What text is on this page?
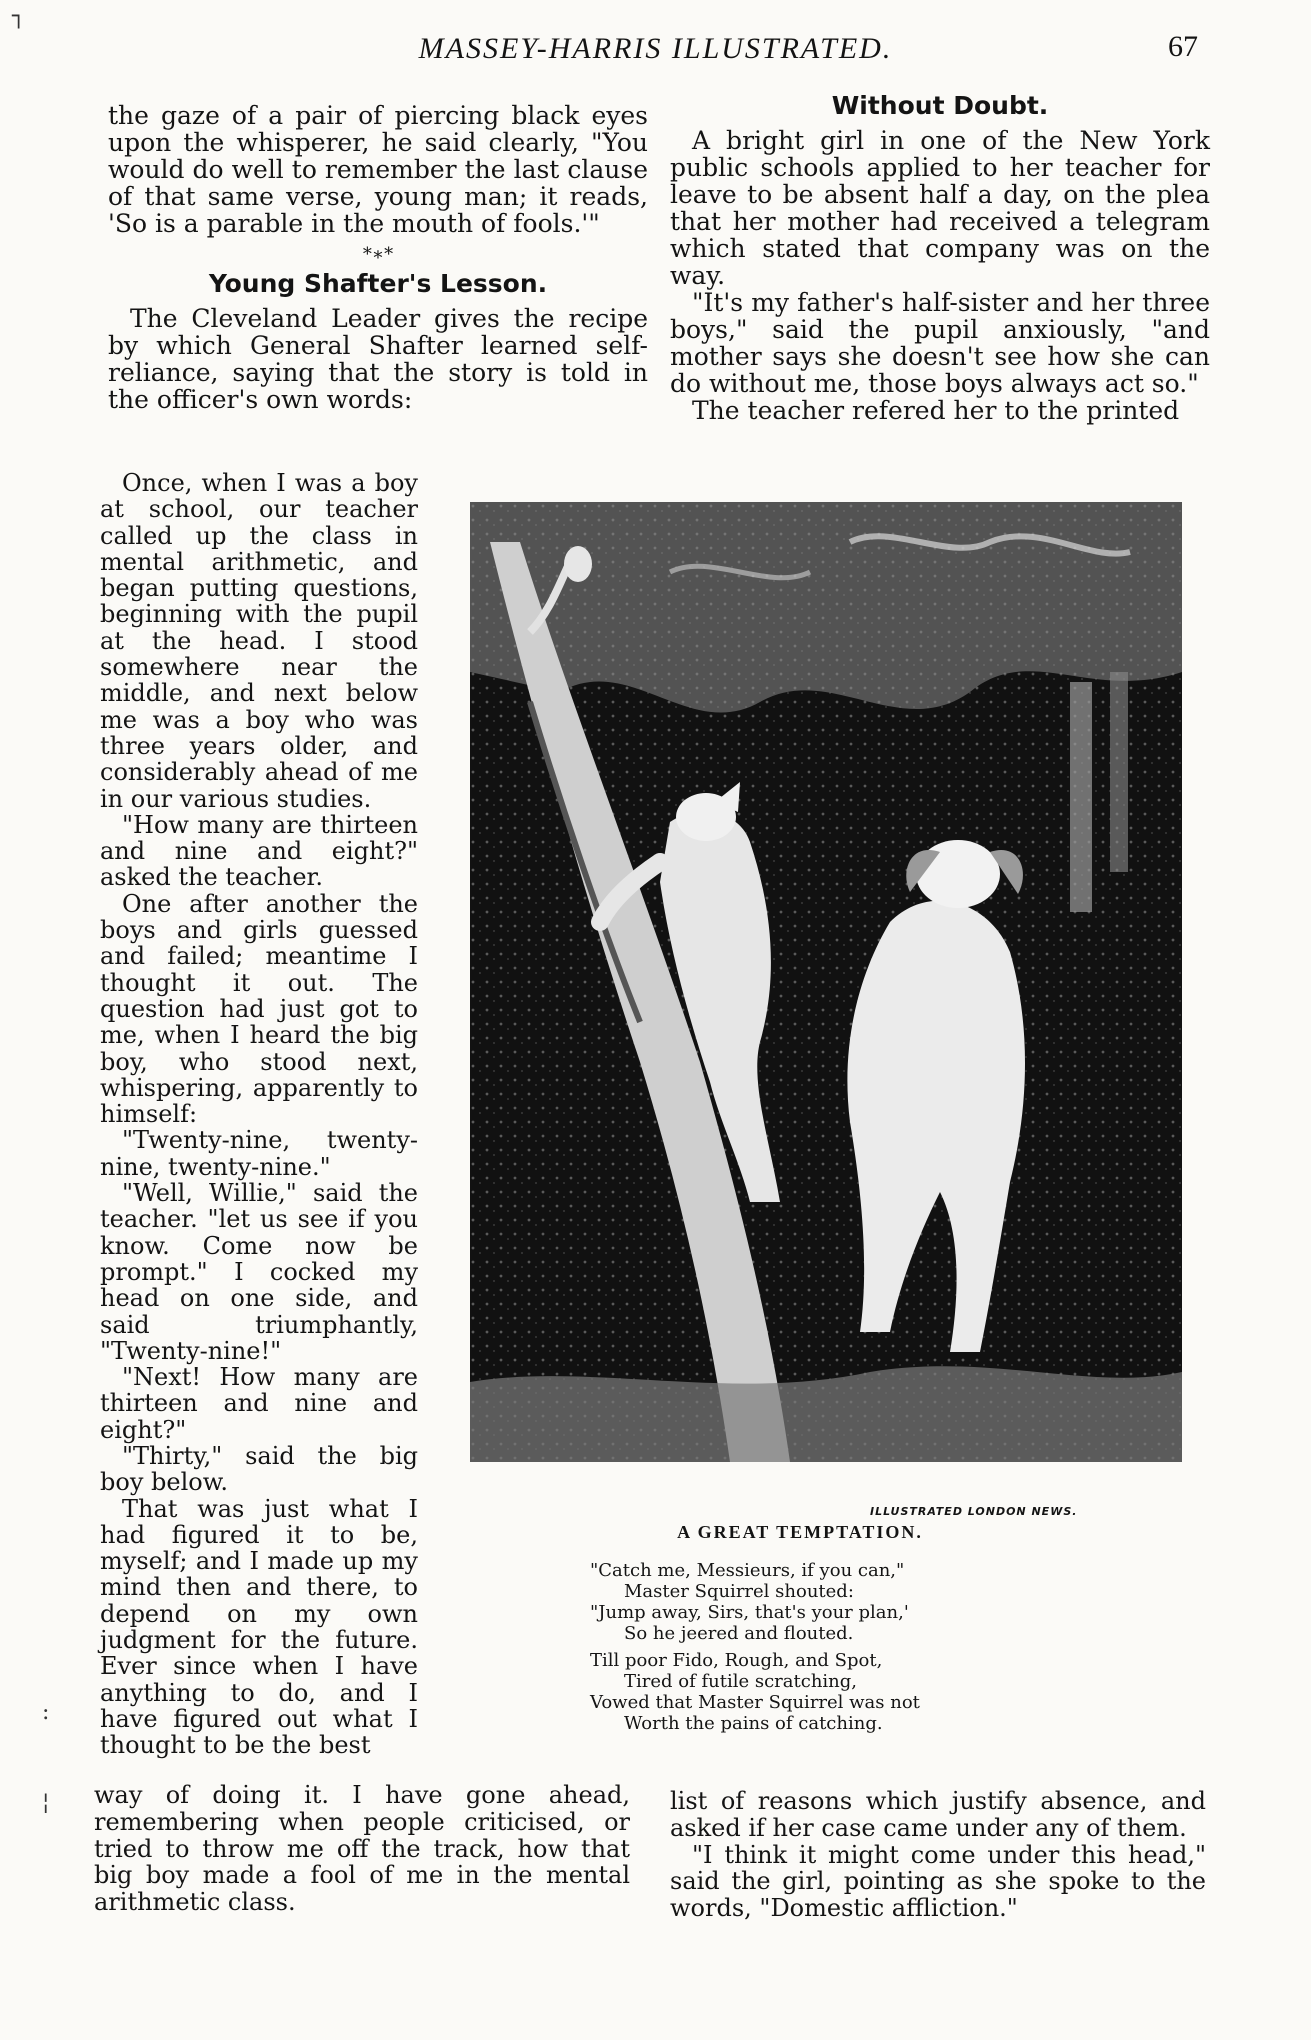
MASSEY-HARRIS ILLUSTRATED.	67
┐

the gaze of a pair of piercing black eyes upon the whisperer, he said clearly, "You would do well to remember the last clause of that same verse, young man; it reads, 'So is a parable in the mouth of fools.'"

*∗*
Young Shafter's Lesson.

The Cleveland Leader gives the recipe by which General Shafter learned self-reliance, saying that the story is told in the officer's own words:

Once, when I was a boy at school, our teacher called up the class in mental arithmetic, and began putting questions, beginning with the pupil at the head. I stood somewhere near the middle, and next below me was a boy who was three years older, and considerably ahead of me in our various studies.

"How many are thirteen and nine and eight?" asked the teacher.

One after another the boys and girls guessed and failed; meantime I thought it out. The question had just got to me, when I heard the big boy, who stood next, whispering, apparently to himself:

"Twenty-nine, twenty-nine, twenty-nine."

"Well, Willie," said the teacher. "let us see if you know. Come now be prompt." I cocked my head on one side, and said triumphantly, "Twenty-nine!"

"Next! How many are thirteen and nine and eight?"

"Thirty," said the big boy below.

That was just what I had figured it to be, myself; and I made up my mind then and there, to depend on my own judgment for the future. Ever since when I have anything to do, and I have figured out what I thought to be the best

way of doing it. I have gone ahead, remembering when people criticised, or tried to throw me off the track, how that big boy made a fool of me in the mental arithmetic class.

Without Doubt.

A bright girl in one of the New York public schools applied to her teacher for leave to be absent half a day, on the plea that her mother had received a telegram which stated that company was on the way.

"It's my father's half-sister and her three boys," said the pupil anxiously, "and mother says she doesn't see how she can do without me, those boys always act so."

The teacher refered her to the printed

ILLUSTRATED LONDON NEWS.
A GREAT TEMPTATION.
"Catch me, Messieurs, if you can,"
Master Squirrel shouted:
"Jump away, Sirs, that's your plan,'
So he jeered and flouted.
Till poor Fido, Rough, and Spot,
Tired of futile scratching,
Vowed that Master Squirrel was not
Worth the pains of catching.

list of reasons which justify absence, and asked if her case came under any of them.

"I think it might come under this head," said the girl, pointing as she spoke to the words, "Domestic affliction."

:
¦
